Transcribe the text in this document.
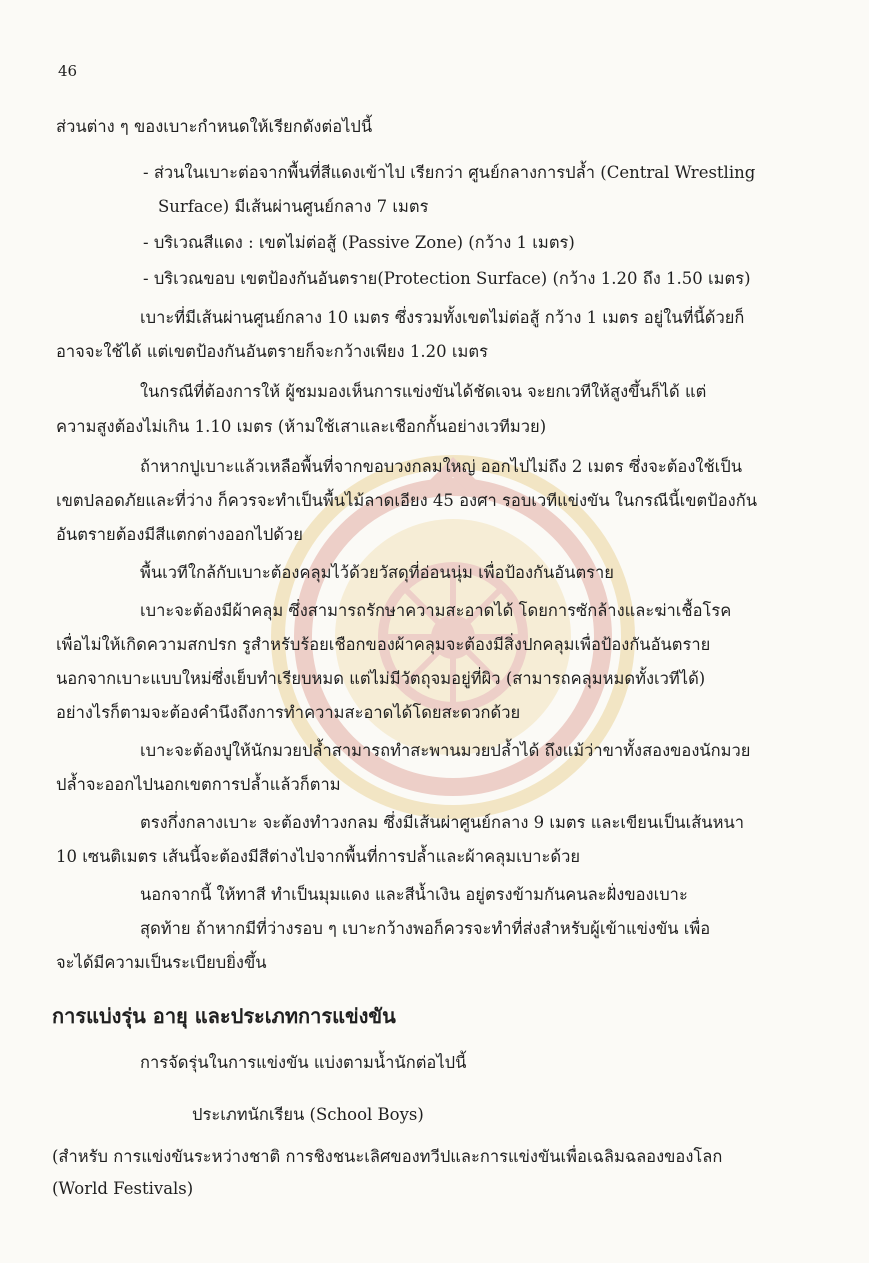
46
ส่วนต่าง ๆ ของเบาะกำหนดให้เรียกดังต่อไปนี้
- ส่วนในเบาะต่อจากพื้นที่สีแดงเข้าไป เรียกว่า ศูนย์กลางการปล้ำ (Central Wrestling
Surface) มีเส้นผ่านศูนย์กลาง 7 เมตร
- บริเวณสีแดง : เขตไม่ต่อสู้ (Passive Zone) (กว้าง 1 เมตร)
- บริเวณขอบ เขตป้องกันอันตราย(Protection Surface) (กว้าง 1.20 ถึง 1.50 เมตร)
เบาะที่มีเส้นผ่านศูนย์กลาง 10 เมตร ซึ่งรวมทั้งเขตไม่ต่อสู้ กว้าง 1 เมตร อยู่ในที่นี้ด้วยก็
อาจจะใช้ได้ แต่เขตป้องกันอันตรายก็จะกว้างเพียง 1.20 เมตร
ในกรณีที่ต้องการให้ ผู้ชมมองเห็นการแข่งขันได้ชัดเจน จะยกเวทีให้สูงขึ้นก็ได้ แต่
ความสูงต้องไม่เกิน 1.10 เมตร (ห้ามใช้เสาและเชือกกั้นอย่างเวทีมวย)
ถ้าหากปูเบาะแล้วเหลือพื้นที่จากขอบวงกลมใหญ่ ออกไปไม่ถึง 2 เมตร ซึ่งจะต้องใช้เป็น
เขตปลอดภัยและที่ว่าง ก็ควรจะทำเป็นพื้นไม้ลาดเอียง 45 องศา รอบเวทีแข่งขัน ในกรณีนี้เขตป้องกัน
อันตรายต้องมีสีแตกต่างออกไปด้วย
พื้นเวทีใกล้กับเบาะต้องคลุมไว้ด้วยวัสดุที่อ่อนนุ่ม เพื่อป้องกันอันตราย
เบาะจะต้องมีผ้าคลุม ซึ่งสามารถรักษาความสะอาดได้ โดยการซักล้างและฆ่าเชื้อโรค
เพื่อไม่ให้เกิดความสกปรก รูสำหรับร้อยเชือกของผ้าคลุมจะต้องมีสิ่งปกคลุมเพื่อป้องกันอันตราย
นอกจากเบาะแบบใหม่ซึ่งเย็บทำเรียบหมด แต่ไม่มีวัตถุจมอยู่ที่ผิว (สามารถคลุมหมดทั้งเวทีได้)
อย่างไรก็ตามจะต้องคำนึงถึงการทำความสะอาดได้โดยสะดวกด้วย
เบาะจะต้องปูให้นักมวยปล้ำสามารถทำสะพานมวยปล้ำได้ ถึงแม้ว่าขาทั้งสองของนักมวย
ปล้ำจะออกไปนอกเขตการปล้ำแล้วก็ตาม
ตรงกึ่งกลางเบาะ จะต้องทำวงกลม ซึ่งมีเส้นผ่าศูนย์กลาง 9 เมตร และเขียนเป็นเส้นหนา
10 เซนติเมตร เส้นนี้จะต้องมีสีต่างไปจากพื้นที่การปล้ำและผ้าคลุมเบาะด้วย
นอกจากนี้ ให้ทาสี ทำเป็นมุมแดง และสีน้ำเงิน อยู่ตรงข้ามกันคนละฝั่งของเบาะ
สุดท้าย ถ้าหากมีที่ว่างรอบ ๆ เบาะกว้างพอก็ควรจะทำที่ส่งสำหรับผู้เข้าแข่งขัน เพื่อ
จะได้มีความเป็นระเบียบยิ่งขึ้น
การแบ่งรุ่น อายุ และประเภทการแข่งขัน
การจัดรุ่นในการแข่งขัน แบ่งตามน้ำนักต่อไปนี้
ประเภทนักเรียน (School Boys)
(สำหรับ การแข่งขันระหว่างชาติ การชิงชนะเลิศของทวีปและการแข่งขันเพื่อเฉลิมฉลองของโลก
(World Festivals)
